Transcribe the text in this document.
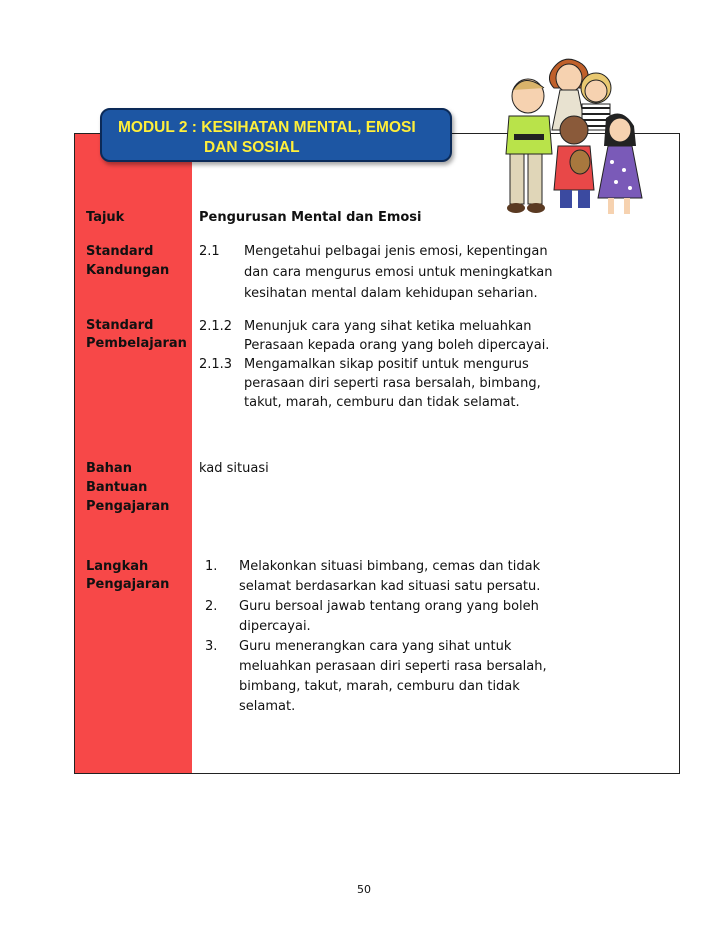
MODUL 2 : KESIHATAN MENTAL, EMOSI
DAN SOSIAL
Tajuk	Pengurusan Mental dan Emosi
Standard
Kandungan
2.1 Mengetahui pelbagai jenis emosi, kepentingan
dan cara mengurus emosi untuk meningkatkan
kesihatan mental dalam kehidupan seharian.
Standard
Pembelajaran
2.1.2 Menunjuk cara yang sihat ketika meluahkan
Perasaan kepada orang yang boleh dipercayai.
2.1.3 Mengamalkan sikap positif untuk mengurus
perasaan diri seperti rasa bersalah, bimbang,
takut, marah, cemburu dan tidak selamat.
Bahan
Bantuan
Pengajaran
kad situasi
Langkah
Pengajaran
1. Melakonkan situasi bimbang, cemas dan tidak
selamat berdasarkan kad situasi satu persatu.
2. Guru bersoal jawab tentang orang yang boleh
dipercayai.
3. Guru menerangkan cara yang sihat untuk
meluahkan perasaan diri seperti rasa bersalah,
bimbang, takut, marah, cemburu dan tidak
selamat.
50
